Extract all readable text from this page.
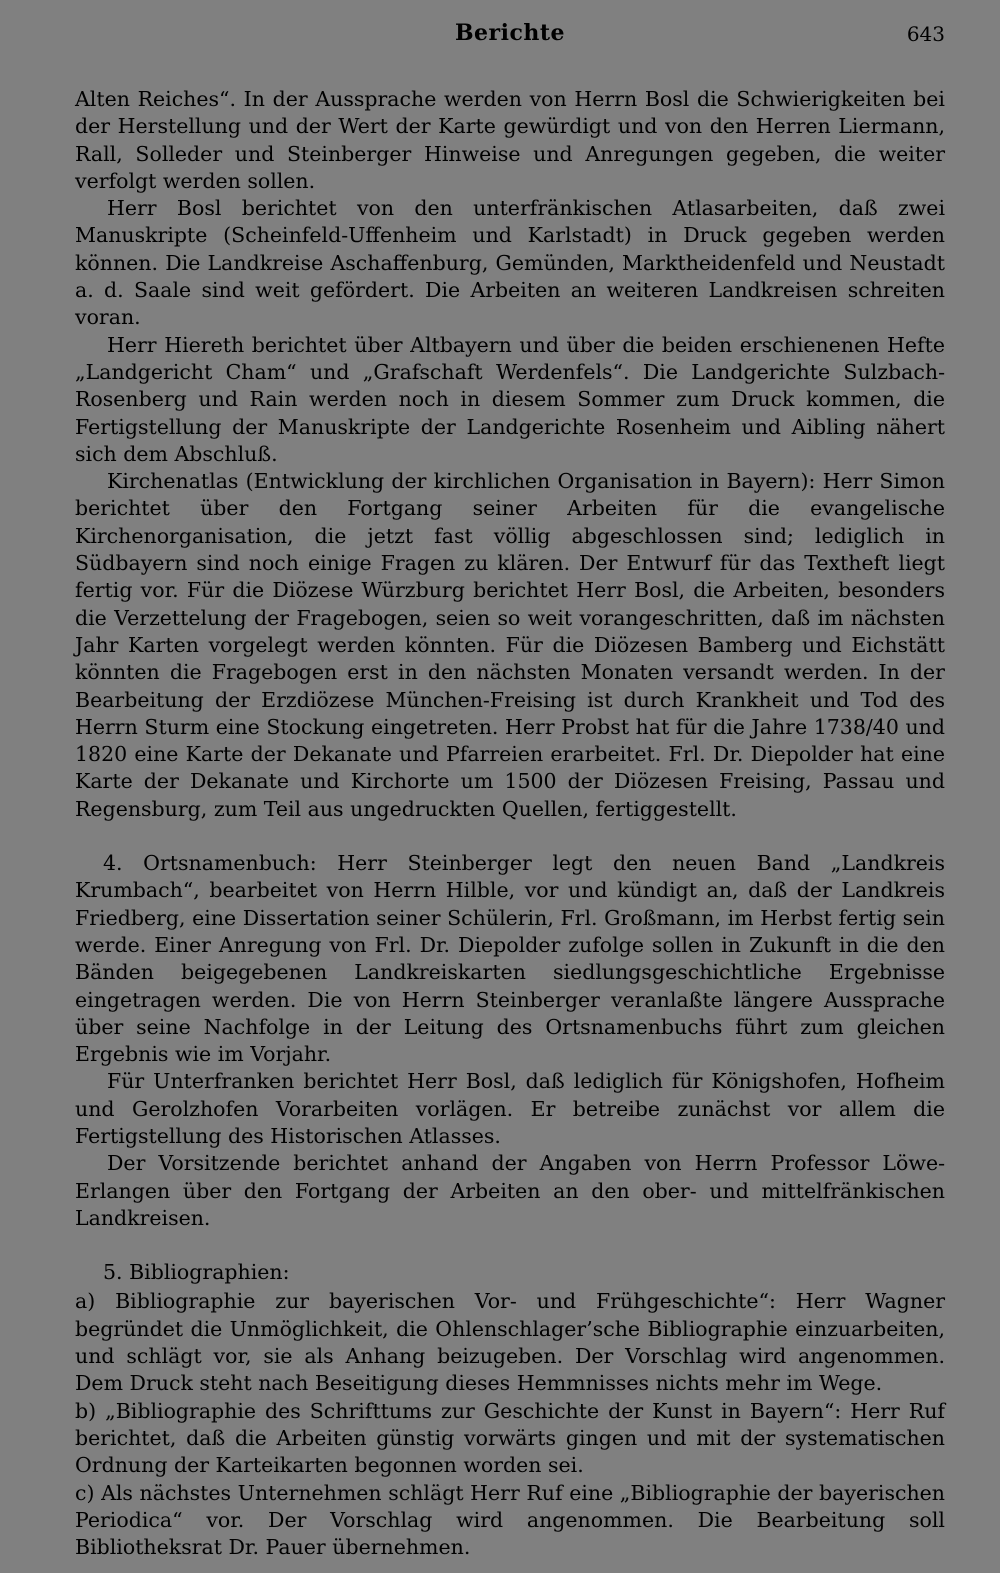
Berichte	643

Alten Reiches“. In der Aussprache werden von Herrn Bosl die Schwierigkeiten bei der Herstellung und der Wert der Karte gewürdigt und von den Herren Liermann, Rall, Solleder und Steinberger Hinweise und Anregungen gegeben, die weiter verfolgt werden sollen.

Herr Bosl berichtet von den unterfränkischen Atlasarbeiten, daß zwei Manuskripte (Scheinfeld-Uffenheim und Karlstadt) in Druck gegeben werden können. Die Landkreise Aschaffenburg, Gemünden, Marktheidenfeld und Neustadt a. d. Saale sind weit gefördert. Die Arbeiten an weiteren Landkreisen schreiten voran.

Herr Hiereth berichtet über Altbayern und über die beiden erschienenen Hefte „Landgericht Cham“ und „Grafschaft Werdenfels“. Die Landgerichte Sulzbach-Rosenberg und Rain werden noch in diesem Sommer zum Druck kommen, die Fertigstellung der Manuskripte der Landgerichte Rosenheim und Aibling nähert sich dem Abschluß.

Kirchenatlas (Entwicklung der kirchlichen Organisation in Bayern): Herr Simon berichtet über den Fortgang seiner Arbeiten für die evangelische Kirchenorganisation, die jetzt fast völlig abgeschlossen sind; lediglich in Südbayern sind noch einige Fragen zu klären. Der Entwurf für das Textheft liegt fertig vor. Für die Diözese Würzburg berichtet Herr Bosl, die Arbeiten, besonders die Verzettelung der Fragebogen, seien so weit vorangeschritten, daß im nächsten Jahr Karten vorgelegt werden könnten. Für die Diözesen Bamberg und Eichstätt könnten die Fragebogen erst in den nächsten Monaten versandt werden. In der Bearbeitung der Erzdiözese München-Freising ist durch Krankheit und Tod des Herrn Sturm eine Stockung eingetreten. Herr Probst hat für die Jahre 1738/40 und 1820 eine Karte der Dekanate und Pfarreien erarbeitet. Frl. Dr. Diepolder hat eine Karte der Dekanate und Kirchorte um 1500 der Diözesen Freising, Passau und Regensburg, zum Teil aus ungedruckten Quellen, fertiggestellt.

4. Ortsnamenbuch: Herr Steinberger legt den neuen Band „Landkreis Krumbach“, bearbeitet von Herrn Hilble, vor und kündigt an, daß der Landkreis Friedberg, eine Dissertation seiner Schülerin, Frl. Großmann, im Herbst fertig sein werde. Einer Anregung von Frl. Dr. Diepolder zufolge sollen in Zukunft in die den Bänden beigegebenen Landkreiskarten siedlungsgeschichtliche Ergebnisse eingetragen werden. Die von Herrn Steinberger veranlaßte längere Aussprache über seine Nachfolge in der Leitung des Ortsnamenbuchs führt zum gleichen Ergebnis wie im Vorjahr.

Für Unterfranken berichtet Herr Bosl, daß lediglich für Königshofen, Hofheim und Gerolzhofen Vorarbeiten vorlägen. Er betreibe zunächst vor allem die Fertigstellung des Historischen Atlasses.

Der Vorsitzende berichtet anhand der Angaben von Herrn Professor Löwe-Erlangen über den Fortgang der Arbeiten an den ober- und mittelfränkischen Landkreisen.

5. Bibliographien:

a) Bibliographie zur bayerischen Vor- und Frühgeschichte“: Herr Wagner begründet die Unmöglichkeit, die Ohlenschlager’sche Bibliographie einzuarbeiten, und schlägt vor, sie als Anhang beizugeben. Der Vorschlag wird angenommen. Dem Druck steht nach Beseitigung dieses Hemmnisses nichts mehr im Wege.

b) „Bibliographie des Schrifttums zur Geschichte der Kunst in Bayern“: Herr Ruf berichtet, daß die Arbeiten günstig vorwärts gingen und mit der systematischen Ordnung der Karteikarten begonnen worden sei.

c) Als nächstes Unternehmen schlägt Herr Ruf eine „Bibliographie der bayerischen Periodica“ vor. Der Vorschlag wird angenommen. Die Bearbeitung soll Bibliotheksrat Dr. Pauer übernehmen.
